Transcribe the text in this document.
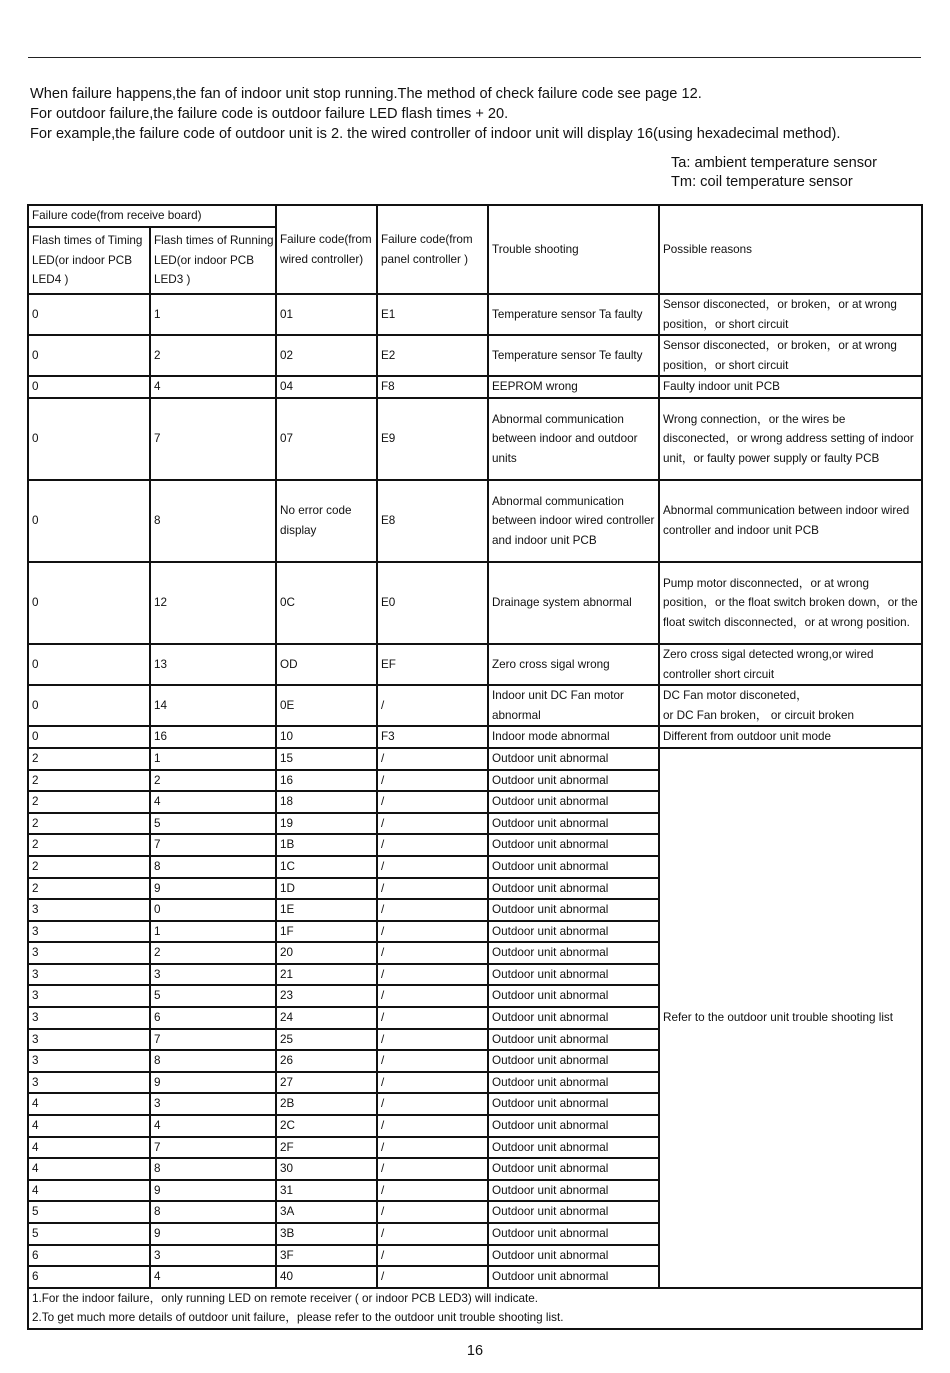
When failure happens,the fan of indoor unit stop running.The method of check failure code see page 12.
For outdoor failure,the failure code is outdoor failure LED flash times + 20.
For example,the failure code of outdoor unit is 2. the wired controller of indoor unit will display 16(using hexadecimal method).
Ta: ambient temperature sensor
Tm: coil temperature sensor
Failure code(from receive board)		Failure code(from wired controller)	Failure code(from panel controller )	Trouble shooting	Possible reasons
Flash times of Timing LED(or indoor PCB LED4 )	Flash times of Running LED(or indoor PCB LED3 )				
0	1	01	E1	Temperature sensor Ta faulty	Sensor disconected，or broken，or at wrong position，or short circuit
0	2	02	E2	Temperature sensor Te faulty	Sensor disconected，or broken，or at wrong position，or short circuit
0	4	04	F8	EEPROM wrong	Faulty indoor unit PCB
0	7	07	E9	Abnormal communication between indoor and outdoor units	Wrong connection，or the wires be disconected，or wrong address setting of indoor unit，or faulty power supply or faulty PCB
0	8	No error code display	E8	Abnormal communication between indoor wired controller and indoor unit PCB	Abnormal communication between indoor wired controller and indoor unit PCB
0	12	0C	E0	Drainage system abnormal	Pump motor disconnected，or at wrong position，or the float switch broken down，or the float switch disconnected，or at wrong position.
0	13	OD	EF	Zero cross sigal wrong	Zero cross sigal detected wrong,or wired controller short circuit
0	14	0E	/	Indoor unit DC Fan motor abnormal	DC Fan motor disconeted，
or DC Fan broken， or circuit broken

0	16	10	F3	Indoor mode abnormal	Different from outdoor unit mode
2	1	15	/	Outdoor unit abnormal	Refer to the outdoor unit trouble shooting list
2	2	16	/	Outdoor unit abnormal	
2	4	18	/	Outdoor unit abnormal	
2	5	19	/	Outdoor unit abnormal	
2	7	1B	/	Outdoor unit abnormal	
2	8	1C	/	Outdoor unit abnormal	
2	9	1D	/	Outdoor unit abnormal	
3	0	1E	/	Outdoor unit abnormal	
3	1	1F	/	Outdoor unit abnormal	
3	2	20	/	Outdoor unit abnormal	
3	3	21	/	Outdoor unit abnormal	
3	5	23	/	Outdoor unit abnormal	
3	6	24	/	Outdoor unit abnormal	
3	7	25	/	Outdoor unit abnormal	
3	8	26	/	Outdoor unit abnormal	
3	9	27	/	Outdoor unit abnormal	
4	3	2B	/	Outdoor unit abnormal	
4	4	2C	/	Outdoor unit abnormal	
4	7	2F	/	Outdoor unit abnormal	
4	8	30	/	Outdoor unit abnormal	
4	9	31	/	Outdoor unit abnormal	
5	8	3A	/	Outdoor unit abnormal	
5	9	3B	/	Outdoor unit abnormal	
6	3	3F	/	Outdoor unit abnormal	
6	4	40	/	Outdoor unit abnormal	

1.For the indoor failure，only running LED on remote receiver ( or indoor PCB LED3) will indicate.
2.To get much more details of outdoor unit failure，please refer to the outdoor unit trouble shooting list.					
16
